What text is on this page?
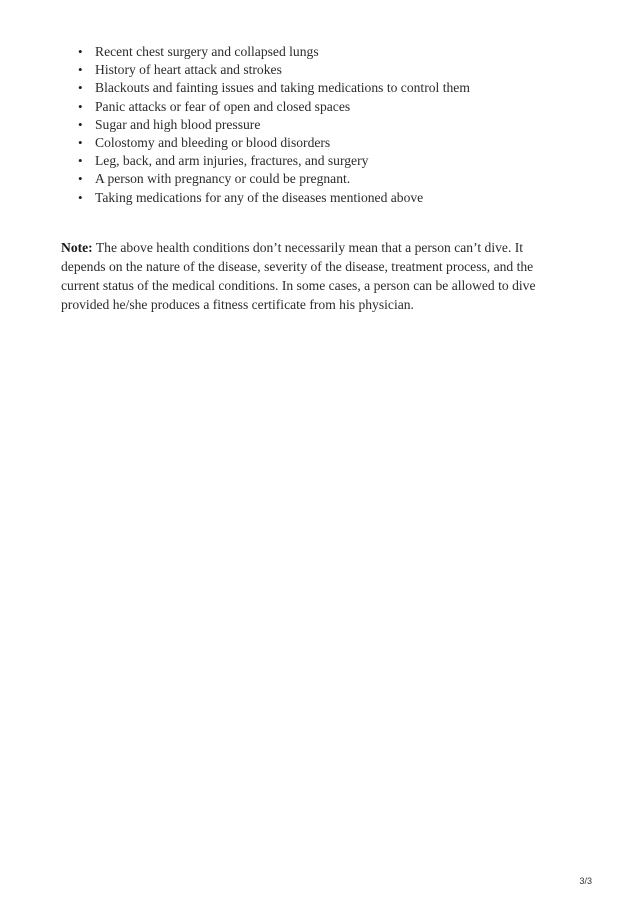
• Recent chest surgery and collapsed lungs
• History of heart attack and strokes
• Blackouts and fainting issues and taking medications to control them
• Panic attacks or fear of open and closed spaces
• Sugar and high blood pressure
• Colostomy and bleeding or blood disorders
• Leg, back, and arm injuries, fractures, and surgery
• A person with pregnancy or could be pregnant.
• Taking medications for any of the diseases mentioned above

Note: The above health conditions don’t necessarily mean that a person can’t dive. It
depends on the nature of the disease, severity of the disease, treatment process, and the
current status of the medical conditions. In some cases, a person can be allowed to dive
provided he/she produces a fitness certificate from his physician.

3/3
